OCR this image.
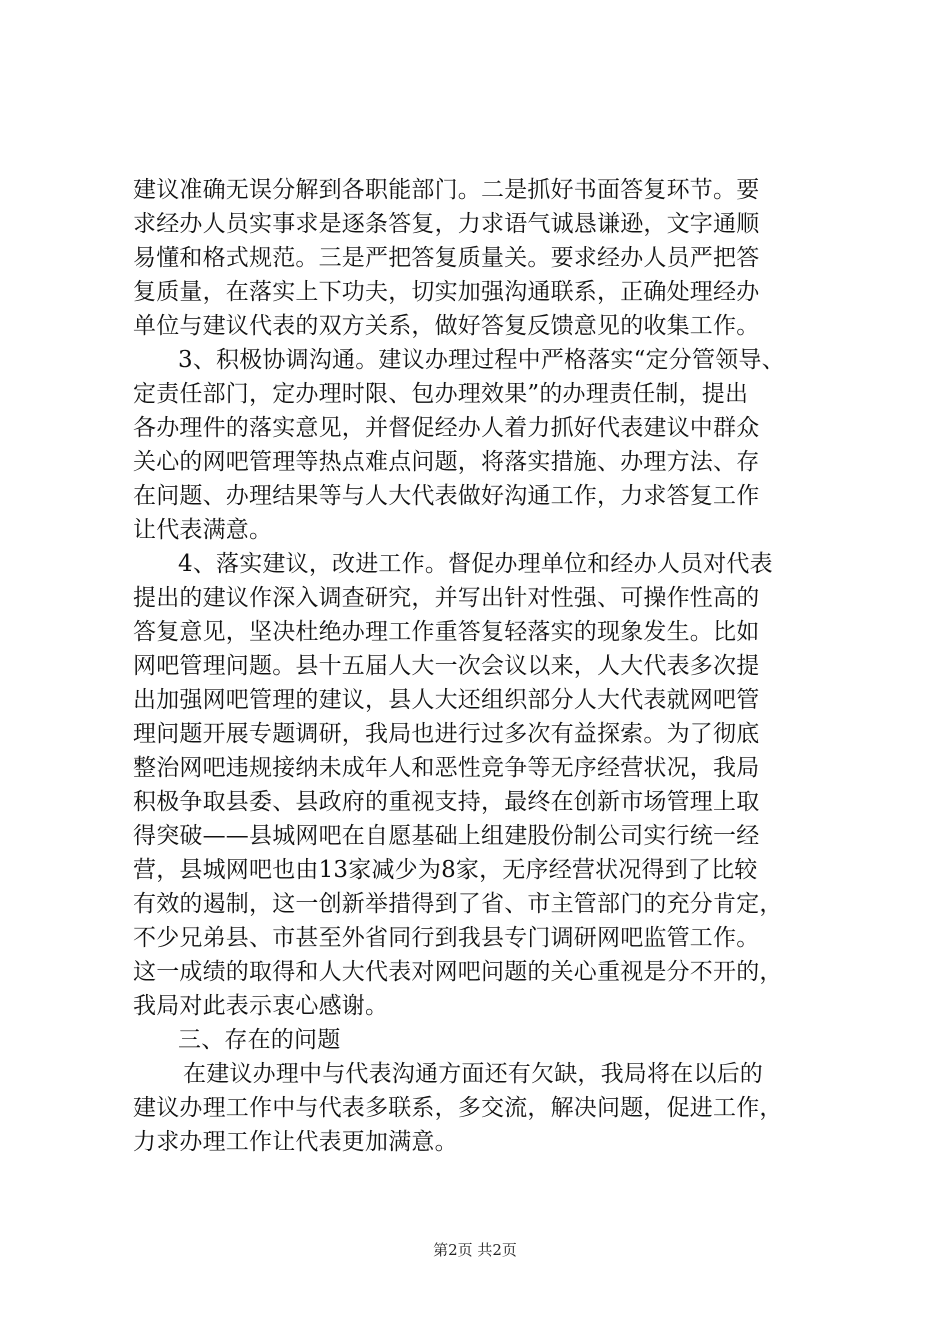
建议准确无误分解到各职能部门。二是抓好书面答复环节。要
求经办人员实事求是逐条答复，力求语气诚恳谦逊，文字通顺
易懂和格式规范。三是严把答复质量关。要求经办人员严把答
复质量，在落实上下功夫，切实加强沟通联系，正确处理经办
单位与建议代表的双方关系，做好答复反馈意见的收集工作。
3、积极协调沟通。建议办理过程中严格落实“定分管领导、
定责任部门，定办理时限、包办理效果”的办理责任制，提出
各办理件的落实意见，并督促经办人着力抓好代表建议中群众
关心的网吧管理等热点难点问题，将落实措施、办理方法、存
在问题、办理结果等与人大代表做好沟通工作，力求答复工作
让代表满意。
4、落实建议，改进工作。督促办理单位和经办人员对代表
提出的建议作深入调查研究，并写出针对性强、可操作性高的
答复意见，坚决杜绝办理工作重答复轻落实的现象发生。比如
网吧管理问题。县十五届人大一次会议以来，人大代表多次提
出加强网吧管理的建议，县人大还组织部分人大代表就网吧管
理问题开展专题调研，我局也进行过多次有益探索。为了彻底
整治网吧违规接纳未成年人和恶性竞争等无序经营状况，我局
积极争取县委、县政府的重视支持，最终在创新市场管理上取
得突破——县城网吧在自愿基础上组建股份制公司实行统一经
营，县城网吧也由13家减少为8家，无序经营状况得到了比较
有效的遏制，这一创新举措得到了省、市主管部门的充分肯定，
不少兄弟县、市甚至外省同行到我县专门调研网吧监管工作。
这一成绩的取得和人大代表对网吧问题的关心重视是分不开的，
我局对此表示衷心感谢。
三、存在的问题
在建议办理中与代表沟通方面还有欠缺，我局将在以后的
建议办理工作中与代表多联系，多交流，解决问题，促进工作，
力求办理工作让代表更加满意。
第2页 共2页
